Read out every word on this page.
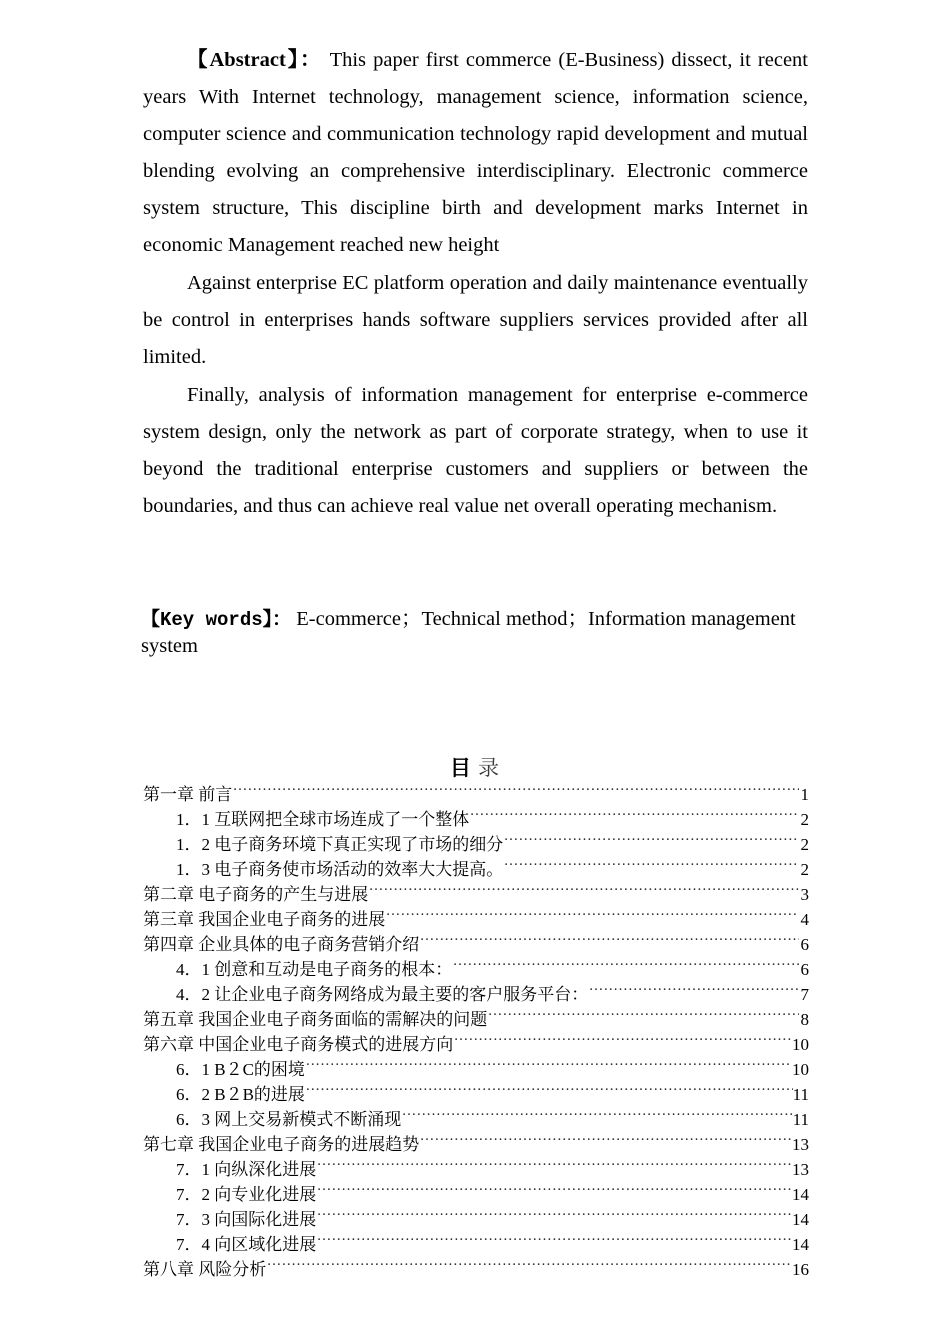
【Abstract】： This paper first commerce (E-Business) dissect, it recent years With Internet technology, management science, information science, computer science and communication technology rapid development and mutual blending evolving an comprehensive interdisciplinary. Electronic commerce system structure, This discipline birth and development marks Internet in economic Management reached new height

Against enterprise EC platform operation and daily maintenance eventually be control in enterprises hands software suppliers services provided after all limited.

Finally, analysis of information management for enterprise e-commerce system design, only the network as part of corporate strategy, when to use it beyond the traditional enterprise customers and suppliers or between the boundaries, and thus can achieve real value net overall operating mechanism.

【Key words】： E-commerce；Technical method；Information management system
目 录
第一章 前言 .....	1
1．1 互联网把全球市场连成了一个整体 .....	2
1．2 电子商务环境下真正实现了市场的细分 .....	2
1．3 电子商务使市场活动的效率大大提高。 .....	2
第二章 电子商务的产生与进展 .....	3
第三章 我国企业电子商务的进展 .....	4
第四章 企业具体的电子商务营销介绍 .....	6
4．1 创意和互动是电子商务的根本： .....	6
4．2 让企业电子商务网络成为最主要的客户服务平台： .....	7
第五章 我国企业电子商务面临的需解决的问题 .....	8
第六章 中国企业电子商务模式的进展方向 .....	10
6．1 B２C的困境 .....	10
6．2 B２B的进展 .....	11
6．3 网上交易新模式不断涌现 .....	11
第七章 我国企业电子商务的进展趋势 .....	13
7．1 向纵深化进展 .....	13
7．2 向专业化进展 .....	14
7．3 向国际化进展 .....	14
7．4 向区域化进展 .....	14
第八章 风险分析 .....	16
